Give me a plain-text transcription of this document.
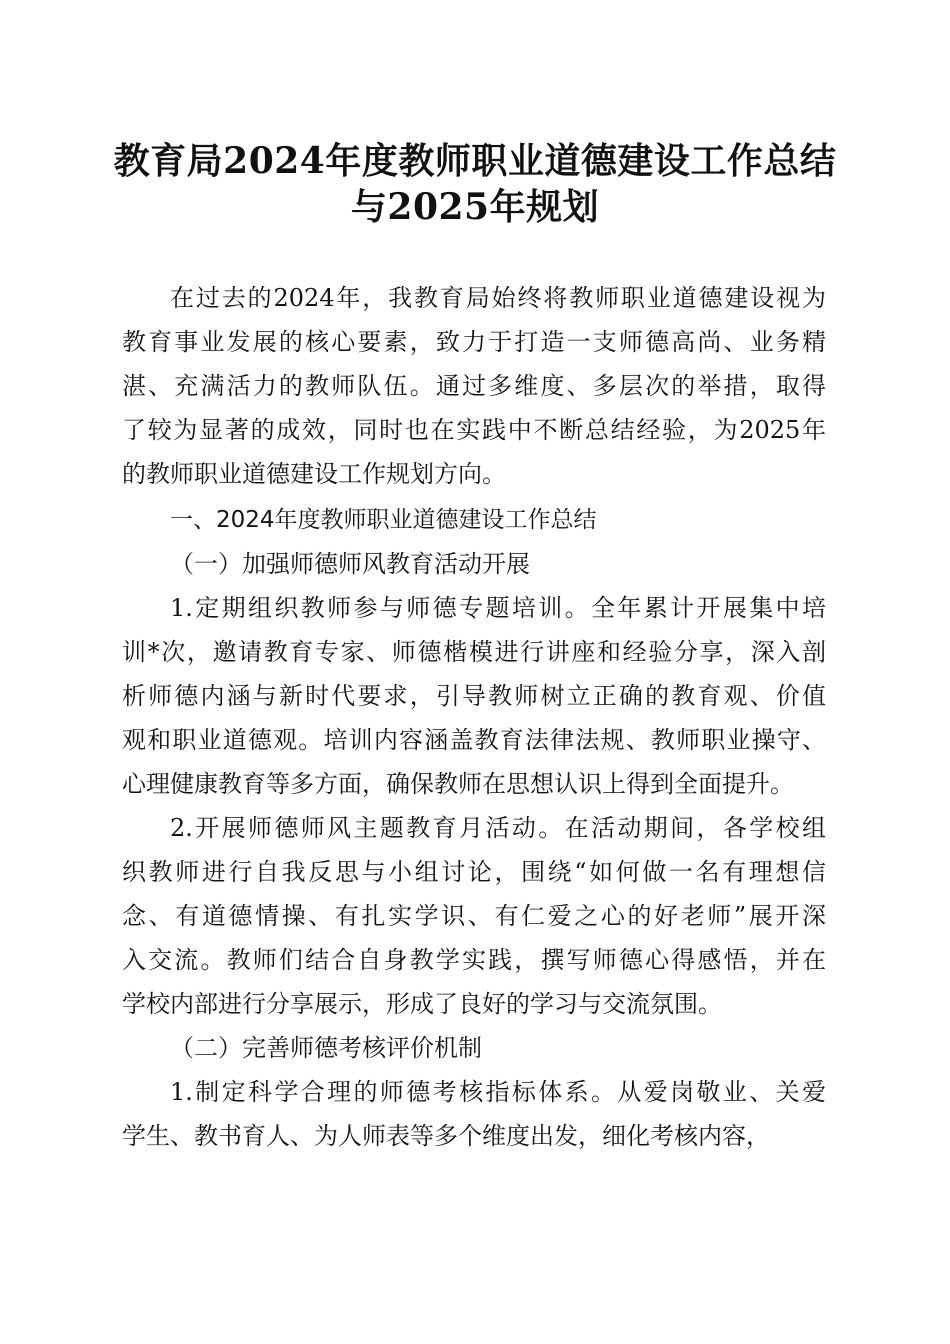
教育局2024年度教师职业道德建设工作总结
与2025年规划
在过去的2024年，我教育局始终将教师职业道德建设视为
教育事业发展的核心要素，致力于打造一支师德高尚、业务精
湛、充满活力的教师队伍。通过多维度、多层次的举措，取得
了较为显著的成效，同时也在实践中不断总结经验，为2025年
的教师职业道德建设工作规划方向。
一、2024年度教师职业道德建设工作总结
（一）加强师德师风教育活动开展
1.定期组织教师参与师德专题培训。全年累计开展集中培
训*次，邀请教育专家、师德楷模进行讲座和经验分享，深入剖
析师德内涵与新时代要求，引导教师树立正确的教育观、价值
观和职业道德观。培训内容涵盖教育法律法规、教师职业操守、
心理健康教育等多方面，确保教师在思想认识上得到全面提升。
2.开展师德师风主题教育月活动。在活动期间，各学校组
织教师进行自我反思与小组讨论，围绕“如何做一名有理想信
念、有道德情操、有扎实学识、有仁爱之心的好老师”展开深
入交流。教师们结合自身教学实践，撰写师德心得感悟，并在
学校内部进行分享展示，形成了良好的学习与交流氛围。
（二）完善师德考核评价机制
1.制定科学合理的师德考核指标体系。从爱岗敬业、关爱
学生、教书育人、为人师表等多个维度出发，细化考核内容，
